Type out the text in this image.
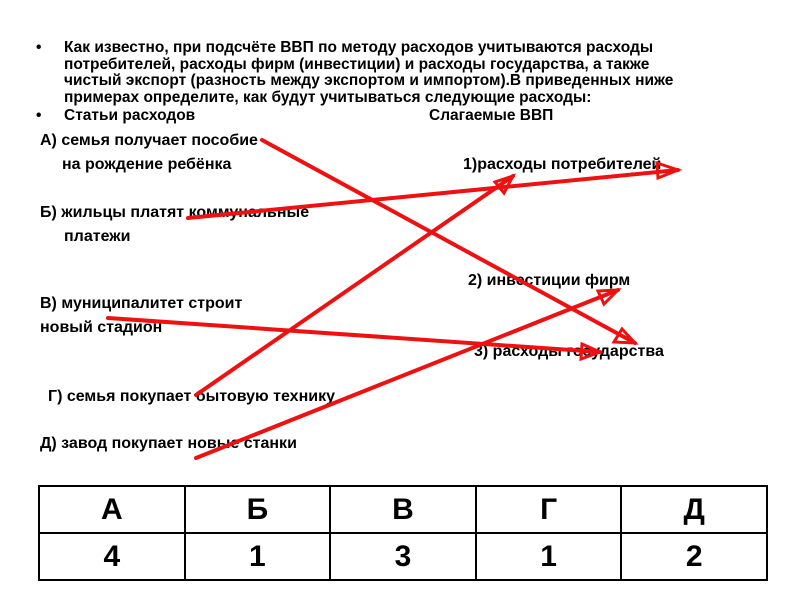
• Как известно, при подсчёте ВВП по методу расходов учитываются расходы
потребителей, расходы фирм (инвестиции) и расходы государства, а также
чистый экспорт (разность между экспортом и импортом).В приведенных ниже
примерах определите, как будут учитываться следующие расходы:
• Статьи расходов	Слагаемые ВВП
А) семья получает пособие
на рождение ребёнка
Б) жильцы платят коммунальные
платежи
В) муниципалитет строит
новый стадион
Г) семья покупает бытовую технику
Д) завод покупает новые станки
1)расходы потребителей
2) инвестиции фирм
3) расходы государства
А	Б	В	Г	Д
4	1	3	1	2
